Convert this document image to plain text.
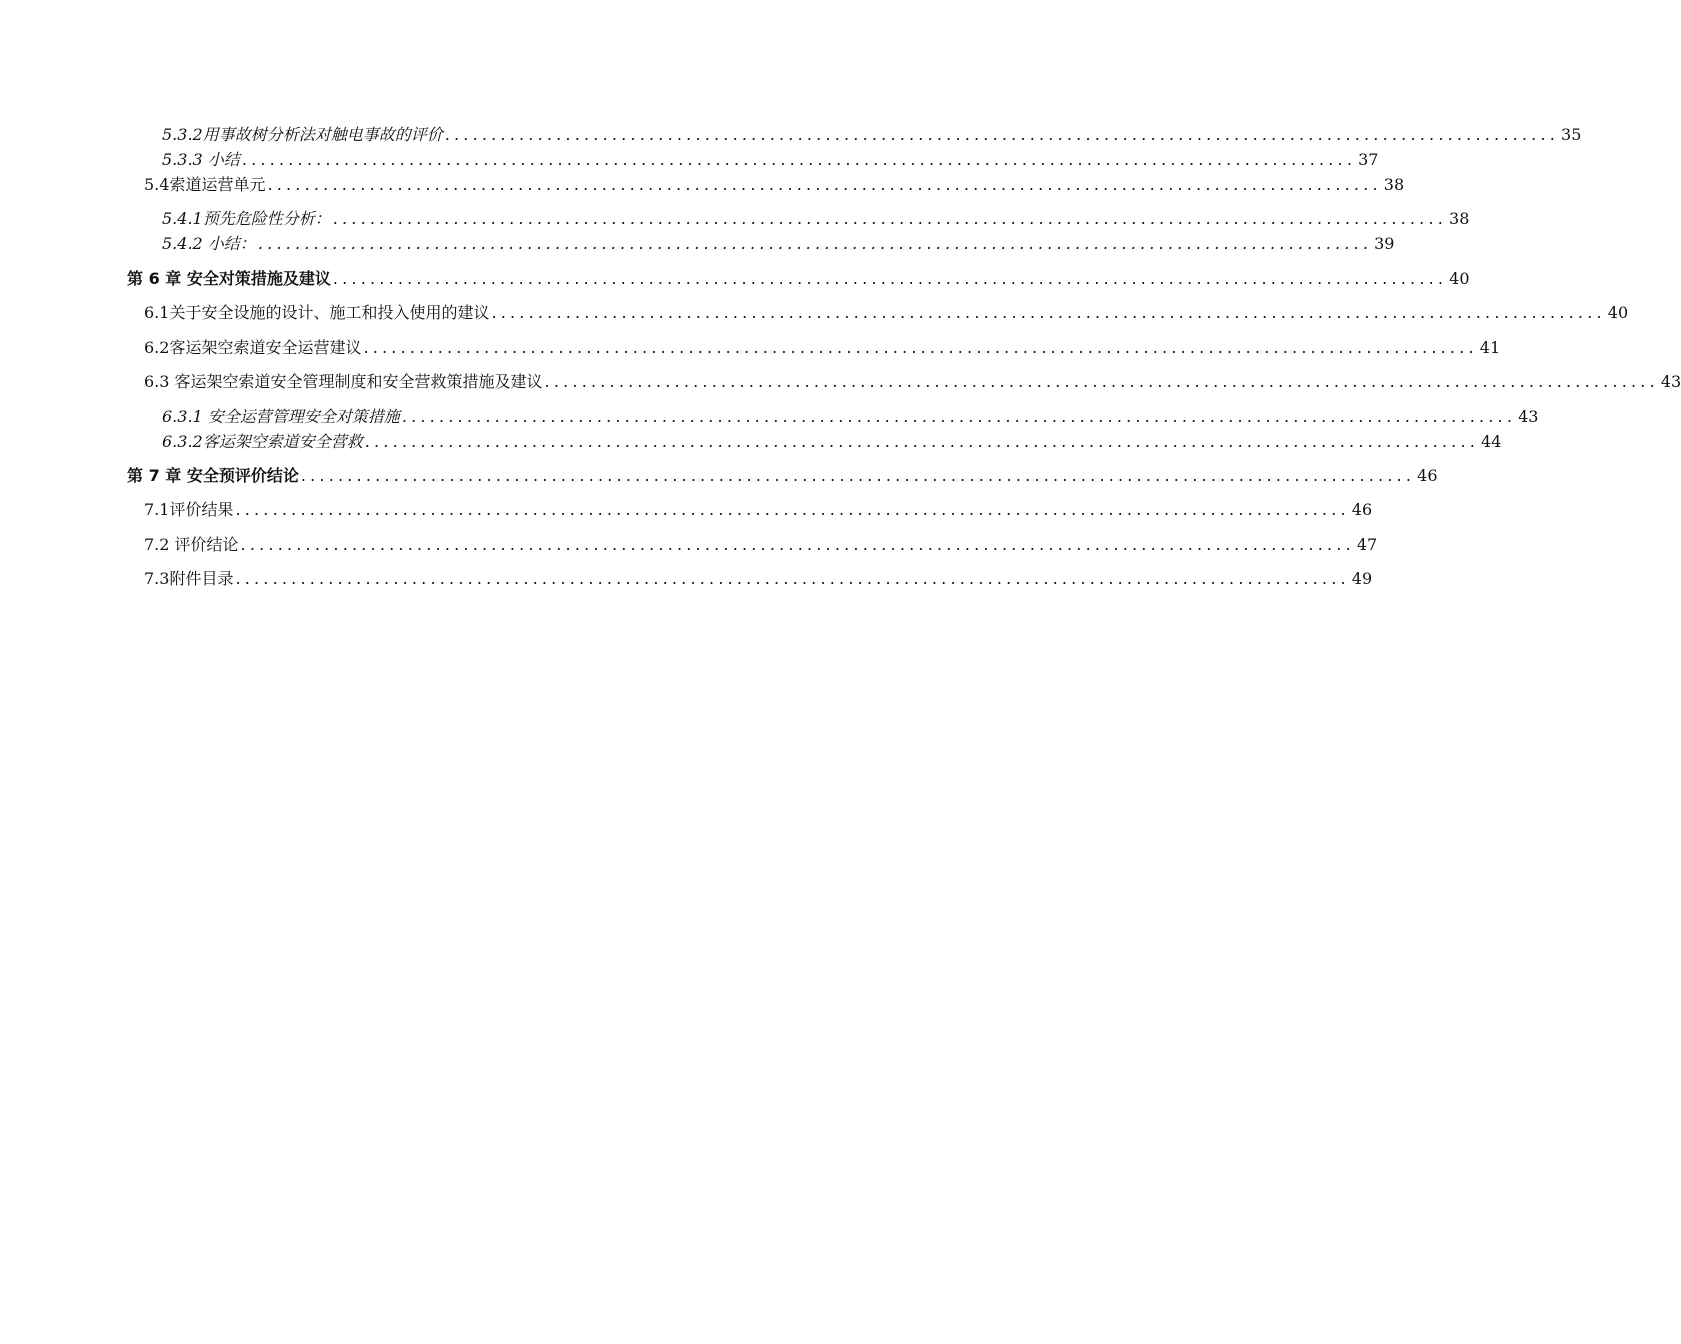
5.3.2用事故树分析法对触电事故的评价 ........................................................................................................................ 35
5.3.3 小结 ........................................................................................................................ 37
5.4索道运营单元 ........................................................................................................................ 38
5.4.1预先危险性分析： ........................................................................................................................ 38
5.4.2 小结： ........................................................................................................................ 39
第 6 章 安全对策措施及建议 ........................................................................................................................ 40
6.1关于安全设施的设计、施工和投入使用的建议 ........................................................................................................................ 40
6.2客运架空索道安全运营建议 ........................................................................................................................ 41
6.3 客运架空索道安全管理制度和安全营救策措施及建议 ........................................................................................................................ 43
6.3.1 安全运营管理安全对策措施 ........................................................................................................................ 43
6.3.2客运架空索道安全营救 ........................................................................................................................ 44
第 7 章 安全预评价结论 ........................................................................................................................ 46
7.1评价结果 ........................................................................................................................ 46
7.2 评价结论 ........................................................................................................................ 47
7.3附件目录 ........................................................................................................................ 49
